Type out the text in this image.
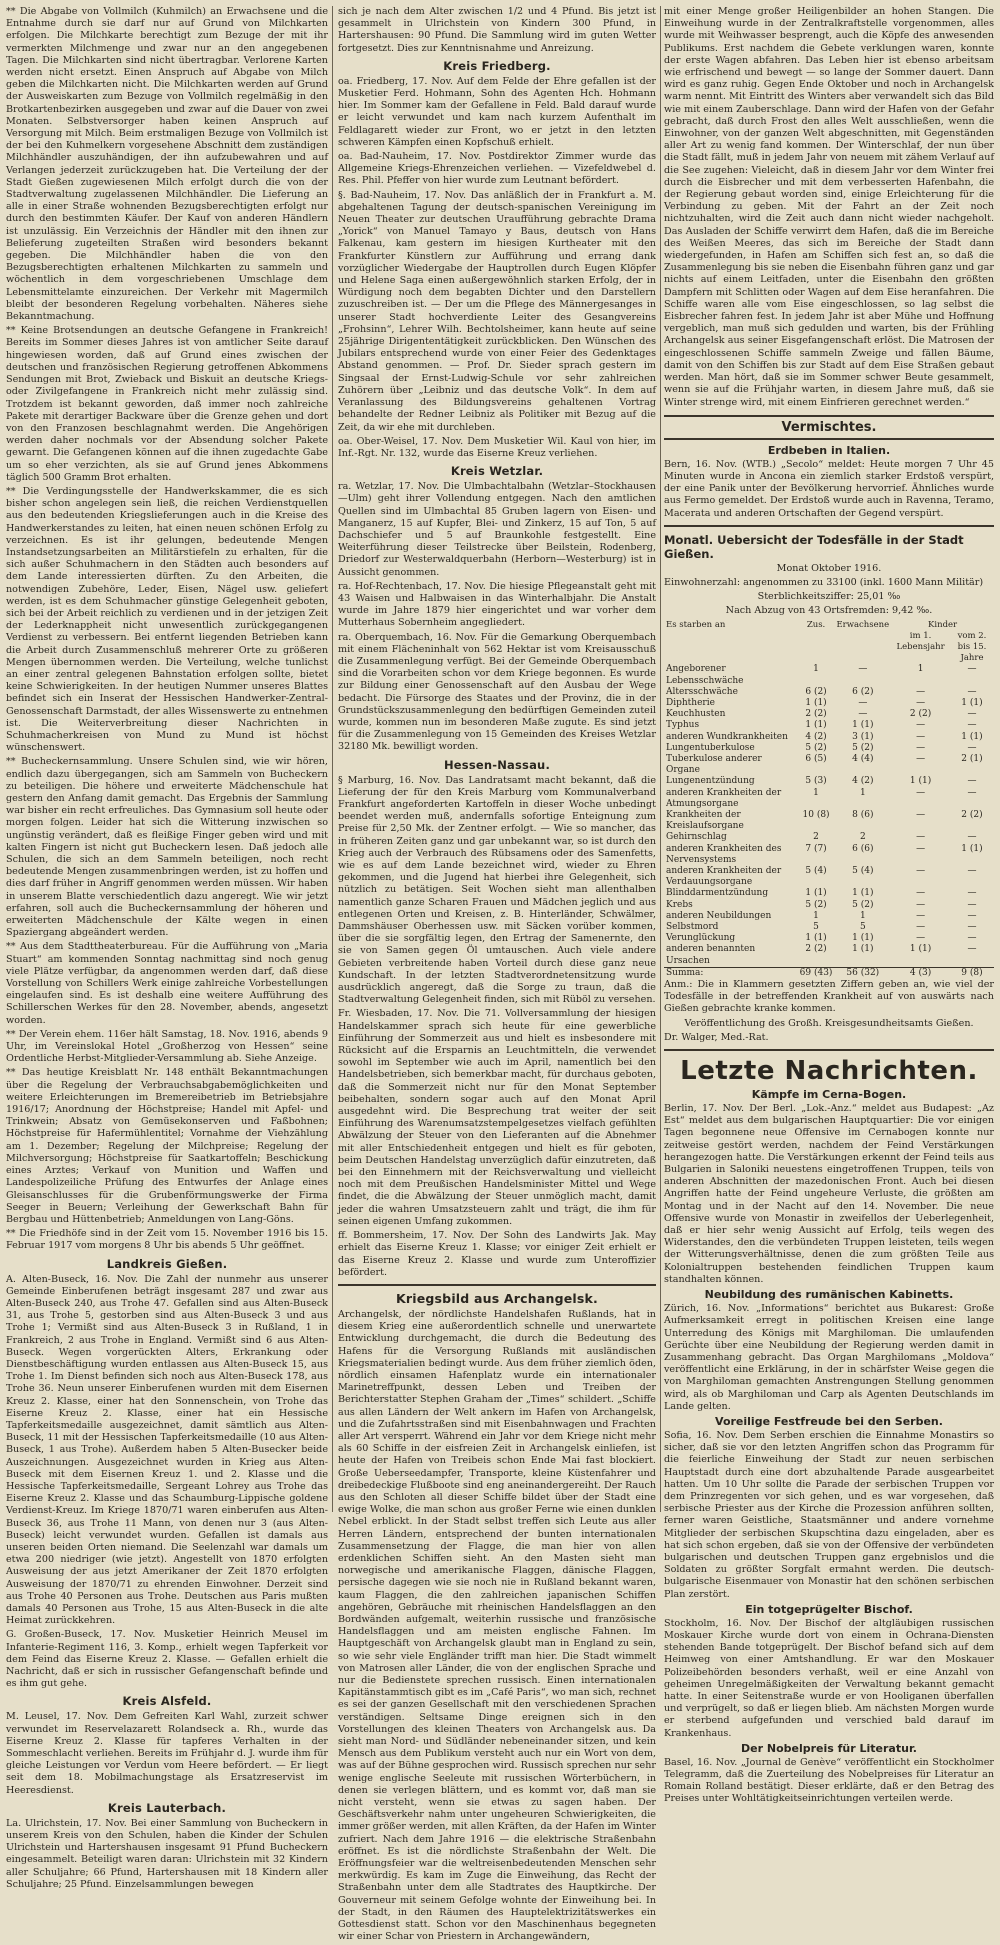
** Die Abgabe von Vollmilch (Kuhmilch) an Erwachsene und die Entnahme durch sie darf nur auf Grund von Milchkarten erfolgen. Die Milchkarte berechtigt zum Bezuge der mit ihr vermerkten Milchmenge und zwar nur an den angegebenen Tagen. Die Milchkarten sind nicht übertragbar. Verlorene Karten werden nicht ersetzt. Einen Anspruch auf Abgabe von Milch geben die Milchkarten nicht. Die Milchkarten werden auf Grund der Ausweiskarten zum Bezuge von Vollmilch regelmäßig in den Brotkartenbezirken ausgegeben und zwar auf die Dauer von zwei Monaten. Selbstversorger haben keinen Anspruch auf Versorgung mit Milch. Beim erstmaligen Bezuge von Vollmilch ist der bei den Kuhmelkern vorgesehene Abschnitt dem zuständigen Milchhändler auszuhändigen, der ihn aufzubewahren und auf Verlangen jederzeit zurückzugeben hat. Die Verteilung der der Stadt Gießen zugewiesenen Milch erfolgt durch die von der Stadtverwaltung zugelassenen Milchhändler. Die Lieferung an alle in einer Straße wohnenden Bezugsberechtigten erfolgt nur durch den bestimmten Käufer. Der Kauf von anderen Händlern ist unzulässig. Ein Verzeichnis der Händler mit den ihnen zur Belieferung zugeteilten Straßen wird besonders bekannt gegeben. Die Milchhändler haben die von den Bezugsberechtigten erhaltenen Milchkarten zu sammeln und wöchentlich in dem vorgeschriebenen Umschlage dem Lebensmittelamte einzureichen. Der Verkehr mit Magermilch bleibt der besonderen Regelung vorbehalten. Näheres siehe Bekanntmachung.

** Keine Brotsendungen an deutsche Gefangene in Frankreich! Bereits im Sommer dieses Jahres ist von amtlicher Seite darauf hingewiesen worden, daß auf Grund eines zwischen der deutschen und französischen Regierung getroffenen Abkommens Sendungen mit Brot, Zwieback und Biskuit an deutsche Kriegs- oder Zivilgefangene in Frankreich nicht mehr zulässig sind. Trotzdem ist bekannt geworden, daß immer noch zahlreiche Pakete mit derartiger Backware über die Grenze gehen und dort von den Franzosen beschlagnahmt werden. Die Angehörigen werden daher nochmals vor der Absendung solcher Pakete gewarnt. Die Gefangenen können auf die ihnen zugedachte Gabe um so eher verzichten, als sie auf Grund jenes Abkommens täglich 500 Gramm Brot erhalten.

** Die Verdingungsstelle der Handwerkskammer, die es sich bisher schon angelegen sein ließ, die reichen Verdienstquellen aus den bedeutenden Kriegslieferungen auch in die Kreise des Handwerkerstandes zu leiten, hat einen neuen schönen Erfolg zu verzeichnen. Es ist ihr gelungen, bedeutende Mengen Instandsetzungsarbeiten an Militärstiefeln zu erhalten, für die sich außer Schuhmachern in den Städten auch besonders auf dem Lande interessierten dürften. Zu den Arbeiten, die notwendigen Zubehöre, Leder, Eisen, Nägel usw. geliefert werden, ist es dem Schuhmacher günstige Gelegenheit geboten, sich bei der Arbeit reichlich zu verdienen und in der jetzigen Zeit der Lederknappheit nicht unwesentlich zurückgegangenen Verdienst zu verbessern. Bei entfernt liegenden Betrieben kann die Arbeit durch Zusammenschluß mehrerer Orte zu größeren Mengen übernommen werden. Die Verteilung, welche tunlichst an einer zentral gelegenen Bahnstation erfolgen sollte, bietet keine Schwierigkeiten. In der heutigen Nummer unseres Blattes befindet sich ein Inserat der Hessischen Handwerker-Zentral-Genossenschaft Darmstadt, der alles Wissenswerte zu entnehmen ist. Die Weiterverbreitung dieser Nachrichten in Schuhmacherkreisen von Mund zu Mund ist höchst wünschenswert.

** Bucheckernsammlung. Unsere Schulen sind, wie wir hören, endlich dazu übergegangen, sich am Sammeln von Bucheckern zu beteiligen. Die höhere und erweiterte Mädchenschule hat gestern den Anfang damit gemacht. Das Ergebnis der Sammlung war bisher ein recht erfreuliches. Das Gymnasium soll heute oder morgen folgen. Leider hat sich die Witterung inzwischen so ungünstig verändert, daß es fleißige Finger geben wird und mit kalten Fingern ist nicht gut Bucheckern lesen. Daß jedoch alle Schulen, die sich an dem Sammeln beteiligen, noch recht bedeutende Mengen zusammenbringen werden, ist zu hoffen und dies darf früher in Angriff genommen werden müssen. Wir haben in unserem Blatte verschiedentlich dazu angeregt. Wie wir jetzt erfahren, soll auch die Bucheckernsammlung der höheren und erweiterten Mädchenschule der Kälte wegen in einen Spaziergang abgeändert werden.

** Aus dem Stadttheaterbureau. Für die Aufführung von „Maria Stuart“ am kommenden Sonntag nachmittag sind noch genug viele Plätze verfügbar, da angenommen werden darf, daß diese Vorstellung von Schillers Werk einige zahlreiche Vorbestellungen eingelaufen sind. Es ist deshalb eine weitere Aufführung des Schillerschen Werkes für den 28. November, abends, angesetzt worden.

** Der Verein ehem. 116er hält Samstag, 18. Nov. 1916, abends 9 Uhr, im Vereinslokal Hotel „Großherzog von Hessen“ seine Ordentliche Herbst-Mitglieder-Versammlung ab. Siehe Anzeige.

** Das heutige Kreisblatt Nr. 148 enthält Bekanntmachungen über die Regelung der Verbrauchsabgabemöglichkeiten und weitere Erleichterungen im Bremereibetrieb im Betriebsjahre 1916/17; Anordnung der Höchstpreise; Handel mit Apfel- und Trinkwein; Absatz von Gemüsekonserven und Faßbohnen; Höchstpreise für Hafermühlentitel; Vornahme der Viehzählung am 1. Dezember; Regelung der Milchpreise; Regelung der Milchversorgung; Höchstpreise für Saatkartoffeln; Beschickung eines Arztes; Verkauf von Munition und Waffen und Landespolizeiliche Prüfung des Entwurfes der Anlage eines Gleisanschlusses für die Grubenförmungswerke der Firma Seeger in Beuern; Verleihung der Gewerkschaft Bahn für Bergbau und Hüttenbetrieb; Anmeldungen von Lang-Göns.

** Die Friedhöfe sind in der Zeit vom 15. November 1916 bis 15. Februar 1917 vom morgens 8 Uhr bis abends 5 Uhr geöffnet.

Landkreis Gießen.

A. Alten-Buseck, 16. Nov. Die Zahl der nunmehr aus unserer Gemeinde Einberufenen beträgt insgesamt 287 und zwar aus Alten-Buseck 240, aus Trohe 47. Gefallen sind aus Alten-Buseck 31, aus Trohe 5, gestorben sind aus Alten-Buseck 3 und aus Trohe 1; Vermißt sind aus Alten-Buseck 3 in Rußland, 1 in Frankreich, 2 aus Trohe in England. Vermißt sind 6 aus Alten-Buseck. Wegen vorgerückten Alters, Erkrankung oder Dienstbeschäftigung wurden entlassen aus Alten-Buseck 15, aus Trohe 1. Im Dienst befinden sich noch aus Alten-Buseck 178, aus Trohe 36. Neun unserer Einberufenen wurden mit dem Eisernen Kreuz 2. Klasse, einer hat den Sonnenschein, von Trohe das Eiserne Kreuz 2. Klasse, einer hat ein Hessische Tapferkeitsmedaille ausgezeichnet, damit sämtlich aus Alten-Buseck, 11 mit der Hessischen Tapferkeitsmedaille (10 aus Alten-Buseck, 1 aus Trohe). Außerdem haben 5 Alten-Busecker beide Auszeichnungen. Ausgezeichnet wurden in Krieg aus Alten-Buseck mit dem Eisernen Kreuz 1. und 2. Klasse und die Hessische Tapferkeitsmedaille, Sergeant Lohrey aus Trohe das Eiserne Kreuz 2. Klasse und das Schaumburg-Lippische goldene Verdienst-Kreuz. Im Kriege 1870/71 waren einberufen aus Alten-Buseck 36, aus Trohe 11 Mann, von denen nur 3 (aus Alten-Buseck) leicht verwundet wurden. Gefallen ist damals aus unseren beiden Orten niemand. Die Seelenzahl war damals um etwa 200 niedriger (wie jetzt). Angestellt von 1870 erfolgten Ausweisung der aus jetzt Amerikaner der Zeit 1870 erfolgten Ausweisung der 1870/71 zu ehrenden Einwohner. Derzeit sind aus Trohe 40 Personen aus Trohe. Deutschen aus Paris mußten damals 40 Personen aus Trohe, 15 aus Alten-Buseck in die alte Heimat zurückkehren.

G. Großen-Buseck, 17. Nov. Musketier Heinrich Meusel im Infanterie-Regiment 116, 3. Komp., erhielt wegen Tapferkeit vor dem Feind das Eiserne Kreuz 2. Klasse. — Gefallen erhielt die Nachricht, daß er sich in russischer Gefangenschaft befinde und es ihm gut gehe.

Kreis Alsfeld.

M. Leusel, 17. Nov. Dem Gefreiten Karl Wahl, zurzeit schwer verwundet im Reservelazarett Rolandseck a. Rh., wurde das Eiserne Kreuz 2. Klasse für tapferes Verhalten in der Sommeschlacht verliehen. Bereits im Frühjahr d. J. wurde ihm für gleiche Leistungen vor Verdun vom Heere befördert. — Er liegt seit dem 18. Mobilmachungstage als Ersatzreservist im Heeresdienst.

Kreis Lauterbach.

La. Ulrichstein, 17. Nov. Bei einer Sammlung von Bucheckern in unserem Kreis von den Schulen, haben die Kinder der Schulen Ulrichstein und Hartershausen insgesamt 91 Pfund Bucheckern eingesammelt. Beteiligt waren daran: Ulrichstein mit 32 Kindern aller Schuljahre; 66 Pfund, Hartershausen mit 18 Kindern aller Schuljahre; 25 Pfund. Einzelsammlungen bewegen

sich je nach dem Alter zwischen 1/2 und 4 Pfund. Bis jetzt ist gesammelt in Ulrichstein von Kindern 300 Pfund, in Hartershausen: 90 Pfund. Die Sammlung wird im guten Wetter fortgesetzt. Dies zur Kenntnisnahme und Anreizung.

Kreis Friedberg.

oa. Friedberg, 17. Nov. Auf dem Felde der Ehre gefallen ist der Musketier Ferd. Hohmann, Sohn des Agenten Hch. Hohmann hier. Im Sommer kam der Gefallene in Feld. Bald darauf wurde er leicht verwundet und kam nach kurzem Aufenthalt im Feldlagarett wieder zur Front, wo er jetzt in den letzten schweren Kämpfen einen Kopfschuß erhielt.

oa. Bad-Nauheim, 17. Nov. Postdirektor Zimmer wurde das Allgemeine Kriegs-Ehrenzeichen verliehen. — Vizefeldwebel d. Res. Phil. Pfeffer von hier wurde zum Leutnant befördert.

§. Bad-Nauheim, 17. Nov. Das anläßlich der in Frankfurt a. M. abgehaltenen Tagung der deutsch-spanischen Vereinigung im Neuen Theater zur deutschen Uraufführung gebrachte Drama „Yorick“ von Manuel Tamayo y Baus, deutsch von Hans Falkenau, kam gestern im hiesigen Kurtheater mit den Frankfurter Künstlern zur Aufführung und errang dank vorzüglicher Wiedergabe der Hauptrollen durch Eugen Klöpfer und Helene Saga einen außergewöhnlich starken Erfolg, der in Würdigung noch dem begabten Dichter und den Darstellern zuzuschreiben ist. — Der um die Pflege des Männergesanges in unserer Stadt hochverdiente Leiter des Gesangvereins „Frohsinn“, Lehrer Wilh. Bechtolsheimer, kann heute auf seine 25jährige Dirigententätigkeit zurückblicken. Den Wünschen des Jubilars entsprechend wurde von einer Feier des Gedenktages Abstand genommen. — Prof. Dr. Sieder sprach gestern im Singsaal der Ernst-Ludwig-Schule vor sehr zahlreichen Zuhörern über „Leibniz und das deutsche Volk“. In dem auf Veranlassung des Bildungsvereins gehaltenen Vortrag behandelte der Redner Leibniz als Politiker mit Bezug auf die Zeit, da wir ehe mit durchleben.

oa. Ober-Weisel, 17. Nov. Dem Musketier Wil. Kaul von hier, im Inf.-Rgt. Nr. 132, wurde das Eiserne Kreuz verliehen.

Kreis Wetzlar.

ra. Wetzlar, 17. Nov. Die Ulmbachtalbahn (Wetzlar–Stockhausen—Ulm) geht ihrer Vollendung entgegen. Nach den amtlichen Quellen sind im Ulmbachtal 85 Gruben lagern von Eisen- und Manganerz, 15 auf Kupfer, Blei- und Zinkerz, 15 auf Ton, 5 auf Dachschiefer und 5 auf Braunkohle festgestellt. Eine Weiterführung dieser Teilstrecke über Beilstein, Rodenberg, Driedorf zur Westerwaldquerbahn (Herborn—Westerburg) ist in Aussicht genommen.

ra. Hof-Rechtenbach, 17. Nov. Die hiesige Pflegeanstalt geht mit 43 Waisen und Halbwaisen in das Winterhalbjahr. Die Anstalt wurde im Jahre 1879 hier eingerichtet und war vorher dem Mutterhaus Sobernheim angegliedert.

ra. Oberquembach, 16. Nov. Für die Gemarkung Oberquembach mit einem Flächeninhalt von 562 Hektar ist vom Kreisausschuß die Zusammenlegung verfügt. Bei der Gemeinde Oberquembach sind die Vorarbeiten schon vor dem Kriege begonnen. Es wurde zur Bildung einer Genossenschaft auf den Ausbau der Wege bedacht. Die Fürsorge des Staates und der Provinz, die in der Grundstückszusammenlegung den bedürftigen Gemeinden zuteil wurde, kommen nun im besonderen Maße zugute. Es sind jetzt für die Zusammenlegung von 15 Gemeinden des Kreises Wetzlar 32180 Mk. bewilligt worden.

Hessen-Nassau.

§ Marburg, 16. Nov. Das Landratsamt macht bekannt, daß die Lieferung der für den Kreis Marburg vom Kommunalverband Frankfurt angeforderten Kartoffeln in dieser Woche unbedingt beendet werden muß, andernfalls sofortige Enteignung zum Preise für 2,50 Mk. der Zentner erfolgt. — Wie so mancher, das in früheren Zeiten ganz und gar unbekannt war, so ist durch den Krieg auch der Verbrauch des Rübsamens oder des Samenfetts, wie es auf dem Lande bezeichnet wird, wieder zu Ehren gekommen, und die Jugend hat hierbei ihre Gelegenheit, sich nützlich zu betätigen. Seit Wochen sieht man allenthalben namentlich ganze Scharen Frauen und Mädchen jeglich und aus entlegenen Orten und Kreisen, z. B. Hinterländer, Schwälmer, Dammshäuser Oberhessen usw. mit Säcken vorüber kommen, über die sie sorgfältig legen, den Ertrag der Samenernte, den sie von Samen gegen Öl umtauschen. Auch viele andere Gebieten verbreitende haben Vorteil durch diese ganz neue Kundschaft. In der letzten Stadtverordnetensitzung wurde ausdrücklich angeregt, daß die Sorge zu traun, daß die Stadtverwaltung Gelegenheit finden, sich mit Rüböl zu versehen.

Fr. Wiesbaden, 17. Nov. Die 71. Vollversammlung der hiesigen Handelskammer sprach sich heute für eine gewerbliche Einführung der Sommerzeit aus und hielt es insbesondere mit Rücksicht auf die Ersparnis an Leuchtmitteln, die verwendet sowohl im September wie auch im April, namentlich bei den Handelsbetrieben, sich bemerkbar macht, für durchaus geboten, daß die Sommerzeit nicht nur für den Monat September beibehalten, sondern sogar auch auf den Monat April ausgedehnt wird. Die Besprechung trat weiter der seit Einführung des Warenumsatzstempelgesetzes vielfach gefühlten Abwälzung der Steuer von den Lieferanten auf die Abnehmer mit aller Entschiedenheit entgegen und hielt es für geboten, beim Deutschen Handelstag unverzüglich dafür einzutreten, daß bei den Einnehmern mit der Reichsverwaltung und vielleicht noch mit dem Preußischen Handelsminister Mittel und Wege findet, die die Abwälzung der Steuer unmöglich macht, damit jeder die wahren Umsatzsteuern zahlt und trägt, die ihm für seinen eigenen Umfang zukommen.

ff. Bommersheim, 17. Nov. Der Sohn des Landwirts Jak. May erhielt das Eiserne Kreuz 1. Klasse; vor einiger Zeit erhielt er das Eiserne Kreuz 2. Klasse und wurde zum Unteroffizier befördert.

Kriegsbild aus Archangelsk.

Archangelsk, der nördlichste Handelshafen Rußlands, hat in diesem Krieg eine außerordentlich schnelle und unerwartete Entwicklung durchgemacht, die durch die Bedeutung des Hafens für die Versorgung Rußlands mit ausländischen Kriegsmaterialien bedingt wurde. Aus dem früher ziemlich öden, nördlich einsamen Hafenplatz wurde ein internationaler Marinetreffpunkt, dessen Leben und Treiben der Berichterstatter Stephen Graham der „Times“ schildert. „Schiffe aus allen Ländern der Welt ankern im Hafen von Archangelsk, und die Zufahrtsstraßen sind mit Eisenbahnwagen und Frachten aller Art versperrt. Während ein Jahr vor dem Kriege nicht mehr als 60 Schiffe in der eisfreien Zeit in Archangelsk einliefen, ist heute der Hafen von Treibeis schon Ende Mai fast blockiert. Große Ueberseedampfer, Transporte, kleine Küstenfahrer und dreibedeckige Flußboote sind eng aneinandergereiht. Der Rauch aus den Schloten all dieser Schiffe bildet über der Stadt eine ewige Wolke, die man schon aus großer Ferne wie einen dunklen Nebel erblickt. In der Stadt selbst treffen sich Leute aus aller Herren Ländern, entsprechend der bunten internationalen Zusammensetzung der Flagge, die man hier von allen erdenklichen Schiffen sieht. An den Masten sieht man norwegische und amerikanische Flaggen, dänische Flaggen, persische dagegen wie sie noch nie in Rußland bekannt waren, kaum Flaggen, die den zahlreichen japanischen Schiffen angehören, Gebräuche mit rheinischen Handelsflaggen an den Bordwänden aufgemalt, weiterhin russische und französische Handelsflaggen und am meisten englische Fahnen. Im Hauptgeschäft von Archangelsk glaubt man in England zu sein, so wie sehr viele Engländer trifft man hier. Die Stadt wimmelt von Matrosen aller Länder, die von der englischen Sprache und nur die Bedienstete sprechen russisch. Einen internationalen Kapitänstammtisch gibt es im „Café Paris“, wo man sich, rechnet es sei der ganzen Gesellschaft mit den verschiedenen Sprachen verständigen. Seltsame Dinge ereignen sich in den Vorstellungen des kleinen Theaters von Archangelsk aus. Da sieht man Nord- und Südländer nebeneinander sitzen, und kein Mensch aus dem Publikum versteht auch nur ein Wort von dem, was auf der Bühne gesprochen wird. Russisch sprechen nur sehr wenige englische Seeleute mit russischen Wörterbüchern, in denen sie verlegen blättern, und es kommt vor, daß man sie nicht versteht, wenn sie etwas zu sagen haben. Der Geschäftsverkehr nahm unter ungeheuren Schwierigkeiten, die immer größer werden, mit allen Kräften, da der Hafen im Winter zufriert. Nach dem Jahre 1916 — die elektrische Straßenbahn eröffnet. Es ist die nördlichste Straßenbahn der Welt. Die Eröffnungsfeier war die weltreisenbedeutenden Menschen sehr merkwürdig. Es kam im Zuge die Einweihung, das Recht der Straßenbahn unter dem alle Stadtrates des Hauptkirche. Der Gouverneur mit seinem Gefolge wohnte der Einweihung bei. In der Stadt, in den Räumen des Hauptelektrizitätswerkes ein Gottesdienst statt. Schon vor den Maschinenhaus begegneten wir einer Schar von Priestern in Archangewändern,

mit einer Menge großer Heiligenbilder an hohen Stangen. Die Einweihung wurde in der Zentralkraftstelle vorgenommen, alles wurde mit Weihwasser besprengt, auch die Köpfe des anwesenden Publikums. Erst nachdem die Gebete verklungen waren, konnte der erste Wagen abfahren. Das Leben hier ist ebenso arbeitsam wie erfrischend und bewegt — so lange der Sommer dauert. Dann wird es ganz ruhig. Gegen Ende Oktober und noch in Archangelsk warm nennt. Mit Eintritt des Winters aber verwandelt sich das Bild wie mit einem Zauberschlage. Dann wird der Hafen von der Gefahr gebracht, daß durch Frost den alles Welt ausschließen, wenn die Einwohner, von der ganzen Welt abgeschnitten, mit Gegenständen aller Art zu wenig fand kommen. Der Winterschlaf, der nun über die Stadt fällt, muß in jedem Jahr von neuem mit zähem Verlauf auf die See zugehen: Vieleicht, daß in diesem Jahr vor dem Winter frei durch die Eisbrecher und mit dem verbesserten Hafenbahn, die der Regierung gebaut worden sind, einige Erleichterung für die Verbindung zu geben. Mit der Fahrt an der Zeit noch nichtzuhalten, wird die Zeit auch dann nicht wieder nachgeholt. Das Ausladen der Schiffe verwirrt dem Hafen, daß die im Bereiche des Weißen Meeres, das sich im Bereiche der Stadt dann wiedergefunden, in Hafen am Schiffen sich fest an, so daß die Zusammenlegung bis sie neben die Eisenbahn führen ganz und gar nichts auf einem Leitfaden, unter die Eisenbahn den größten Dampfern mit Schlitten oder Wagen auf dem Eise heranfahren. Die Schiffe waren alle vom Eise eingeschlossen, so lag selbst die Eisbrecher fahren fest. In jedem Jahr ist aber Mühe und Hoffnung vergeblich, man muß sich gedulden und warten, bis der Frühling Archangelsk aus seiner Eisgefangenschaft erlöst. Die Matrosen der eingeschlossenen Schiffe sammeln Zweige und fällen Bäume, damit von den Schiffen bis zur Stadt auf dem Eise Straßen gebaut werden. Man hört, daß sie im Sommer schwer Beute gesammelt, wenn sie auf die Frühjahr warten, in diesem Jahre muß, daß sie Winter strenge wird, mit einem Einfrieren gerechnet werden.“

Vermischtes.
Erdbeben in Italien.

Bern, 16. Nov. (WTB.) „Secolo“ meldet: Heute morgen 7 Uhr 45 Minuten wurde in Ancona ein ziemlich starker Erdstoß verspürt, der eine Panik unter der Bevölkerung hervorrief. Ähnliches wurde aus Fermo gemeldet. Der Erdstoß wurde auch in Ravenna, Teramo, Macerata und anderen Ortschaften der Gegend verspürt.

Monatl. Uebersicht der Todesfälle in der Stadt Gießen.

Monat Oktober 1916.

Einwohnerzahl: angenommen zu 33100 (inkl. 1600 Mann Militär)

Sterblichkeitsziffer: 25,01 ‰

Nach Abzug von 43 Ortsfremden: 9,42 ‰.

Es starben an	Zus.	Erwachsene	Kinder	
			im 1. Lebensjahr	vom 2. bis 15. Jahre
Angeborener Lebensschwäche	1	—	1	—
Altersschwäche	6 (2)	6 (2)	—	—
Diphtherie	1 (1)	—	—	1 (1)
Keuchhusten	2 (2)	—	2 (2)	—
Typhus	1 (1)	1 (1)	—	—
anderen Wundkrankheiten	4 (2)	3 (1)	—	1 (1)
Lungentuberkulose	5 (2)	5 (2)	—	—
Tuberkulose anderer Organe	6 (5)	4 (4)	—	2 (1)
Lungenentzündung	5 (3)	4 (2)	1 (1)	—
anderen Krankheiten der Atmungsorgane	1	1	—	—
Krankheiten der Kreislaufsorgane	10 (8)	8 (6)	—	2 (2)
Gehirnschlag	2	2	—	—
anderen Krankheiten des Nervensystems	7 (7)	6 (6)	—	1 (1)
anderen Krankheiten der Verdauungsorgane	5 (4)	5 (4)	—	—
Blinddarmentzündung	1 (1)	1 (1)	—	—
Krebs	5 (2)	5 (2)	—	—
anderen Neubildungen	1	1	—	—
Selbstmord	5	5	—	—
Verunglückung	1 (1)	1 (1)	—	—
anderen benannten Ursachen	2 (2)	1 (1)	1 (1)	—
Summa:	69 (43)	56 (32)	4 (3)	9 (8)

Anm.: Die in Klammern gesetzten Ziffern geben an, wie viel der Todesfälle in der betreffenden Krankheit auf von auswärts nach Gießen gebrachte kranke kommen.

Veröffentlichung des Großh. Kreisgesundheitsamts Gießen.

Dr. Walger, Med.-Rat.

Letzte Nachrichten.
Kämpfe im Cerna-Bogen.

Berlin, 17. Nov. Der Berl. „Lok.-Anz.“ meldet aus Budapest: „Az Est“ meldet aus dem bulgarischen Hauptquartier: Die vor einigen Tagen begonnene neue Offensive im Cernabogen konnte nur zeitweise gestört werden, nachdem der Feind Verstärkungen herangezogen hatte. Die Verstärkungen erkennt der Feind teils aus Bulgarien in Saloniki neuestens eingetroffenen Truppen, teils von anderen Abschnitten der mazedonischen Front. Auch bei diesen Angriffen hatte der Feind ungeheure Verluste, die größten am Montag und in der Nacht auf den 14. November. Die neue Offensive wurde von Monastir in zweifellos der Ueberlegenheit, daß er hier sehr wenig Aussicht auf Erfolg, teils wegen des Widerstandes, den die verbündeten Truppen leisteten, teils wegen der Witterungsverhältnisse, denen die zum größten Teile aus Kolonialtruppen bestehenden feindlichen Truppen kaum standhalten können.

Neubildung des rumänischen Kabinetts.

Zürich, 16. Nov. „Informations“ berichtet aus Bukarest: Große Aufmerksamkeit erregt in politischen Kreisen eine lange Unterredung des Königs mit Marghiloman. Die umlaufenden Gerüchte über eine Neubildung der Regierung werden damit in Zusammenhang gebracht. Das Organ Marghilomans „Moldova“ veröffentlicht eine Erklärung, in der in schärfster Weise gegen die von Marghiloman gemachten Anstrengungen Stellung genommen wird, als ob Marghiloman und Carp als Agenten Deutschlands im Lande gelten.

Voreilige Festfreude bei den Serben.

Sofia, 16. Nov. Dem Serben erschien die Einnahme Monastirs so sicher, daß sie vor den letzten Angriffen schon das Programm für die feierliche Einweihung der Stadt zur neuen serbischen Hauptstadt durch eine dort abzuhaltende Parade ausgearbeitet hatten. Um 10 Uhr sollte die Parade der serbischen Truppen vor dem Prinzregenten vor sich gehen, und es war vorgesehen, daß serbische Priester aus der Kirche die Prozession anführen sollten, ferner waren Geistliche, Staatsmänner und andere vornehme Mitglieder der serbischen Skupschtina dazu eingeladen, aber es hat sich schon ergeben, daß sie von der Offensive der verbündeten bulgarischen und deutschen Truppen ganz ergebnislos und die Soldaten zu größter Sorgfalt ermahnt werden. Die deutsch-bulgarische Eisenmauer von Monastir hat den schönen serbischen Plan zerstört.

Ein totgeprügelter Bischof.

Stockholm, 16. Nov. Der Bischof der altgläubigen russischen Moskauer Kirche wurde dort von einem in Ochrana-Diensten stehenden Bande totgeprügelt. Der Bischof befand sich auf dem Heimweg von einer Amtshandlung. Er war den Moskauer Polizeibehörden besonders verhaßt, weil er eine Anzahl von geheimen Unregelmäßigkeiten der Verwaltung bekannt gemacht hatte. In einer Seitenstraße wurde er von Hooliganen überfallen und verprügelt, so daß er liegen blieb. Am nächsten Morgen wurde er sterbend aufgefunden und verschied bald darauf im Krankenhaus.

Der Nobelpreis für Literatur.

Basel, 16. Nov. „Journal de Genève“ veröffentlicht ein Stockholmer Telegramm, daß die Zuerteilung des Nobelpreises für Literatur an Romain Rolland bestätigt. Dieser erklärte, daß er den Betrag des Preises unter Wohltätigkeitseinrichtungen verteilen werde.
